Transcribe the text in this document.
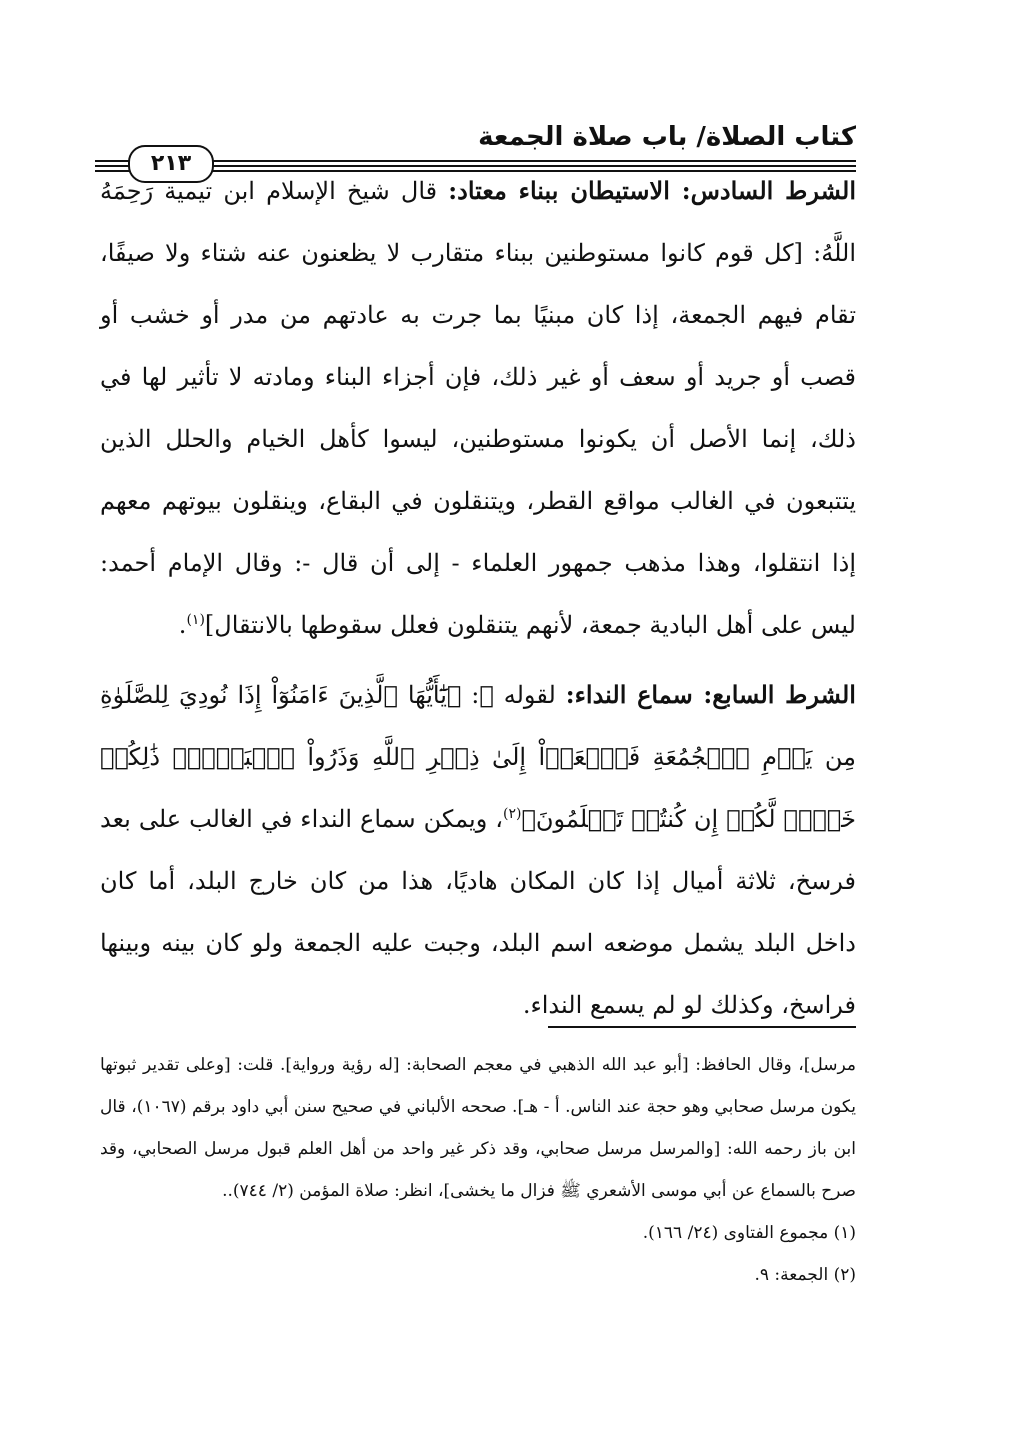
كتاب الصلاة/ باب صلاة الجمعة
٢١٣

الشرط السادس: الاستيطان ببناء معتاد: قال شيخ الإسلام ابن تيمية رَحِمَهُ اللَّهُ: [كل قوم كانوا مستوطنين ببناء متقارب لا يظعنون عنه شتاء ولا صيفًا، تقام فيهم الجمعة، إذا كان مبنيًا بما جرت به عادتهم من مدر أو خشب أو قصب أو جريد أو سعف أو غير ذلك، فإن أجزاء البناء ومادته لا تأثير لها في ذلك، إنما الأصل أن يكونوا مستوطنين، ليسوا كأهل الخيام والحلل الذين يتتبعون في الغالب مواقع القطر، ويتنقلون في البقاع، وينقلون بيوتهم معهم إذا انتقلوا، وهذا مذهب جمهور العلماء - إلى أن قال -: وقال الإمام أحمد: ليس على أهل البادية جمعة، لأنهم يتنقلون فعلل سقوطها بالانتقال]$^{(١)}$.

الشرط السابع: سماع النداء: لقوله ﷻ: ﴿يَٰٓأَيُّهَا ٱلَّذِينَ ءَامَنُوٓاْ إِذَا نُودِيَ لِلصَّلَوٰةِ مِن يَوۡمِ ٱلۡجُمُعَةِ فَٱسۡعَوۡاْ إِلَىٰ ذِكۡرِ ٱللَّهِ وَذَرُواْ ٱلۡبَيۡعَۚ ذَٰلِكُمۡ خَيۡرٞ لَّكُمۡ إِن كُنتُمۡ تَعۡلَمُونَ﴾$^{(٢)}$، ويمكن سماع النداء في الغالب على بعد فرسخ، ثلاثة أميال إذا كان المكان هاديًا، هذا من كان خارج البلد، أما كان داخل البلد يشمل موضعه اسم البلد، وجبت عليه الجمعة ولو كان بينه وبينها فراسخ، وكذلك لو لم يسمع النداء.

مرسل]، وقال الحافظ: [أبو عبد الله الذهبي في معجم الصحابة: [له رؤية ورواية]. قلت: [وعلى تقدير ثبوتها يكون مرسل صحابي وهو حجة عند الناس. أ - هـ]. صححه الألباني في صحيح سنن أبي داود برقم (١٠٦٧)، قال ابن باز رحمه الله: [والمرسل مرسل صحابي، وقد ذكر غير واحد من أهل العلم قبول مرسل الصحابي، وقد صرح بالسماع عن أبي موسى الأشعري ﷺ فزال ما يخشى]، انظر: صلاة المؤمن (٢/ ٧٤٤)..

(١) مجموع الفتاوى (٢٤/ ١٦٦).

(٢) الجمعة: ٩.
